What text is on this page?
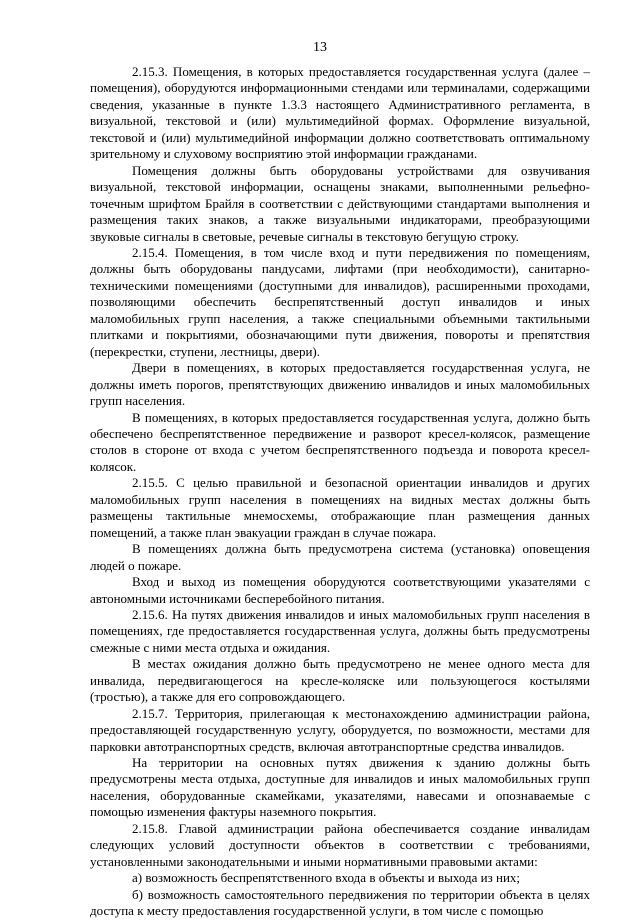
13

2.15.3. Помещения, в которых предоставляется государственная услуга (далее – помещения), оборудуются информационными стендами или терминалами, содержащими сведения, указанные в пункте 1.3.3 настоящего Административного регламента, в визуальной, текстовой и (или) мультимедийной формах. Оформление визуальной, текстовой и (или) мультимедийной информации должно соответствовать оптимальному зрительному и слуховому восприятию этой информации гражданами.

Помещения должны быть оборудованы устройствами для озвучивания визуальной, текстовой информации, оснащены знаками, выполненными рельефно-точечным шрифтом Брайля в соответствии с действующими стандартами выполнения и размещения таких знаков, а также визуальными индикаторами, преобразующими звуковые сигналы в световые, речевые сигналы в текстовую бегущую строку.

2.15.4. Помещения, в том числе вход и пути передвижения по помещениям, должны быть оборудованы пандусами, лифтами (при необходимости), санитарно-техническими помещениями (доступными для инвалидов), расширенными проходами, позволяющими обеспечить беспрепятственный доступ инвалидов и иных маломобильных групп населения, а также специальными объемными тактильными плитками и покрытиями, обозначающими пути движения, повороты и препятствия (перекрестки, ступени, лестницы, двери).

Двери в помещениях, в которых предоставляется государственная услуга, не должны иметь порогов, препятствующих движению инвалидов и иных маломобильных групп населения.

В помещениях, в которых предоставляется государственная услуга, должно быть обеспечено беспрепятственное передвижение и разворот кресел-колясок, размещение столов в стороне от входа с учетом беспрепятственного подъезда и поворота кресел-колясок.

2.15.5. С целью правильной и безопасной ориентации инвалидов и других маломобильных групп населения в помещениях на видных местах должны быть размещены тактильные мнемосхемы, отображающие план размещения данных помещений, а также план эвакуации граждан в случае пожара.

В помещениях должна быть предусмотрена система (установка) оповещения людей о пожаре.

Вход и выход из помещения оборудуются соответствующими указателями с автономными источниками бесперебойного питания.

2.15.6. На путях движения инвалидов и иных маломобильных групп населения в помещениях, где предоставляется государственная услуга, должны быть предусмотрены смежные с ними места отдыха и ожидания.

В местах ожидания должно быть предусмотрено не менее одного места для инвалида, передвигающегося на кресле-коляске или пользующегося костылями (тростью), а также для его сопровождающего.

2.15.7. Территория, прилегающая к местонахождению администрации района, предоставляющей государственную услугу, оборудуется, по возможности, местами для парковки автотранспортных средств, включая автотранспортные средства инвалидов.

На территории на основных путях движения к зданию должны быть предусмотрены места отдыха, доступные для инвалидов и иных маломобильных групп населения, оборудованные скамейками, указателями, навесами и опознаваемые с помощью изменения фактуры наземного покрытия.

2.15.8. Главой администрации района обеспечивается создание инвалидам следующих условий доступности объектов в соответствии с требованиями, установленными законодательными и иными нормативными правовыми актами:

а) возможность беспрепятственного входа в объекты и выхода из них;

б) возможность самостоятельного передвижения по территории объекта в целях доступа к месту предоставления государственной услуги, в том числе с помощью
